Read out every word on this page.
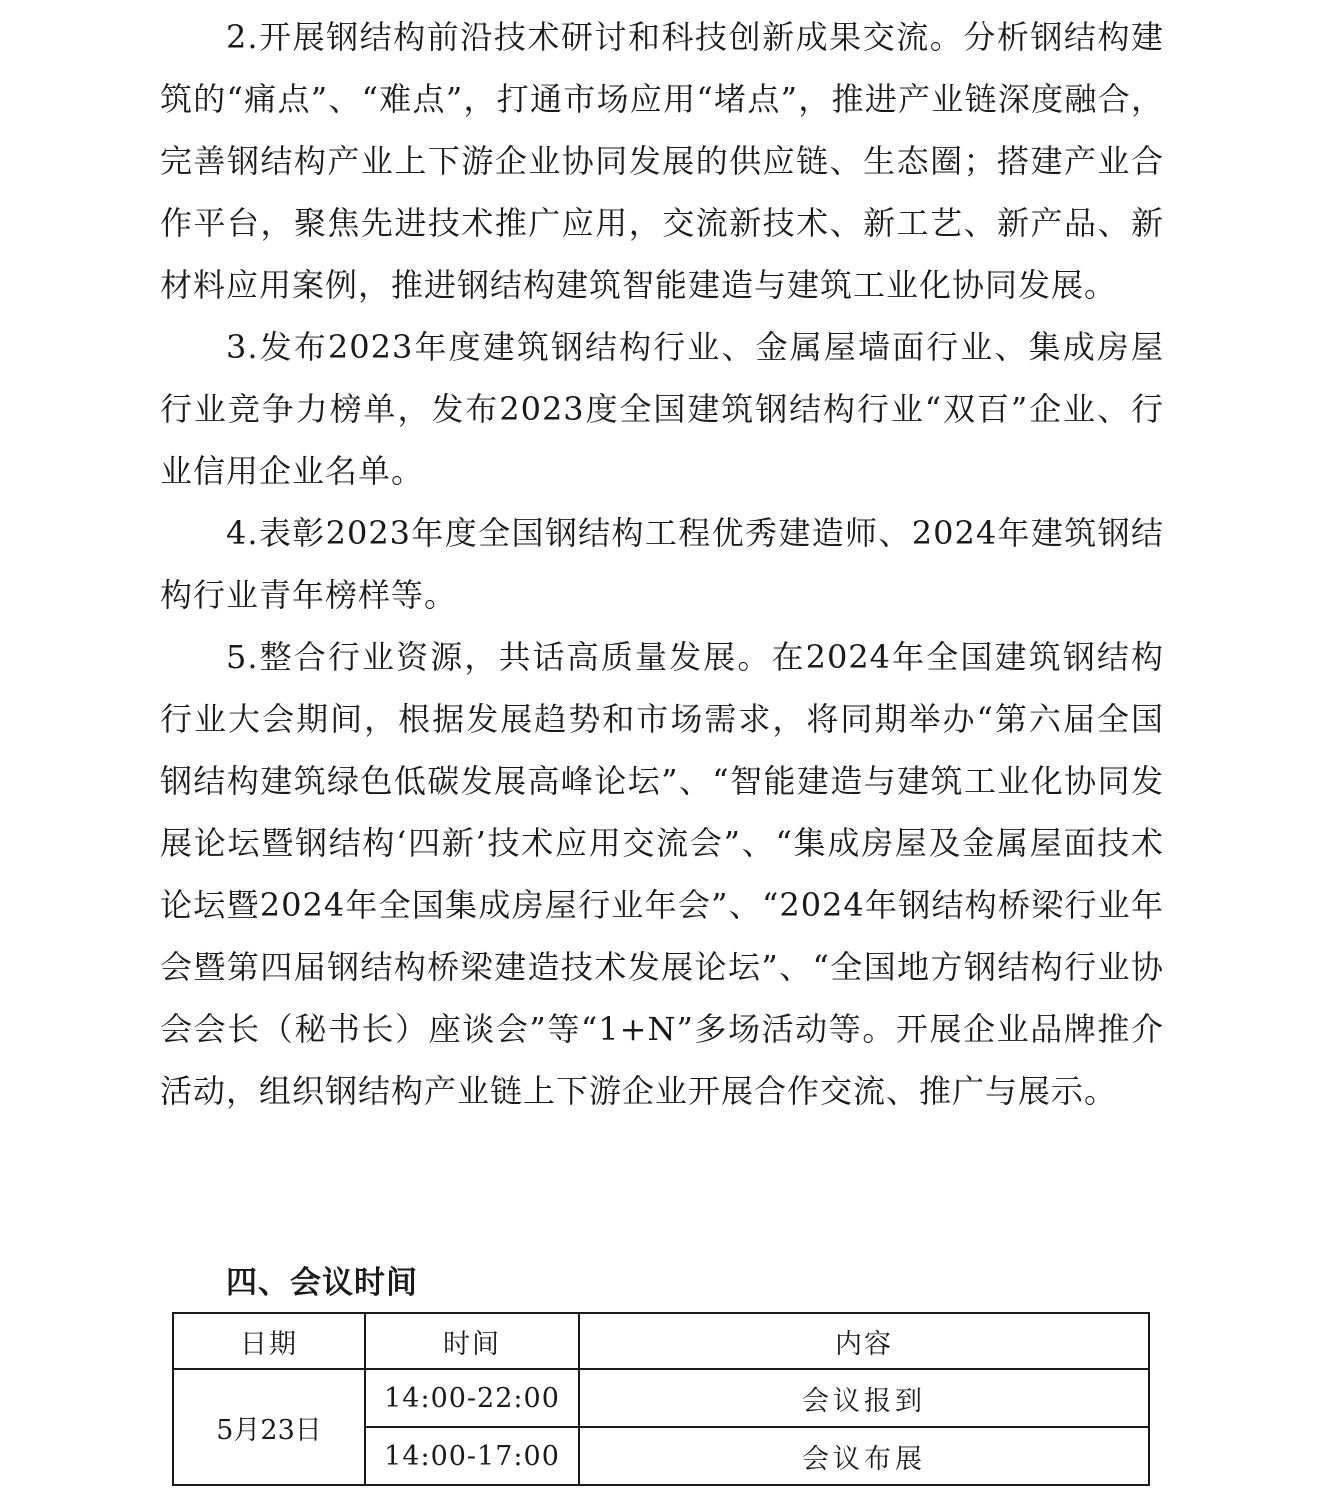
2.开展钢结构前沿技术研讨和科技创新成果交流。分析钢结构建筑的“痛点”、“难点”，打通市场应用“堵点”，推进产业链深度融合，完善钢结构产业上下游企业协同发展的供应链、生态圈；搭建产业合作平台，聚焦先进技术推广应用，交流新技术、新工艺、新产品、新材料应用案例，推进钢结构建筑智能建造与建筑工业化协同发展。

3.发布2023年度建筑钢结构行业、金属屋墙面行业、集成房屋行业竞争力榜单，发布2023度全国建筑钢结构行业“双百”企业、行业信用企业名单。

4.表彰2023年度全国钢结构工程优秀建造师、2024年建筑钢结构行业青年榜样等。

5.整合行业资源，共话高质量发展。在2024年全国建筑钢结构行业大会期间，根据发展趋势和市场需求，将同期举办“第六届全国钢结构建筑绿色低碳发展高峰论坛”、“智能建造与建筑工业化协同发展论坛暨钢结构‘四新’技术应用交流会”、“集成房屋及金属屋面技术论坛暨2024年全国集成房屋行业年会”、“2024年钢结构桥梁行业年会暨第四届钢结构桥梁建造技术发展论坛”、“全国地方钢结构行业协会会长（秘书长）座谈会”等“1+N”多场活动等。开展企业品牌推介活动，组织钢结构产业链上下游企业开展合作交流、推广与展示。

四、会议时间
日期	时间	内容
5月23日	14:00-22:00	会议报到
	14:00-17:00	会议布展
